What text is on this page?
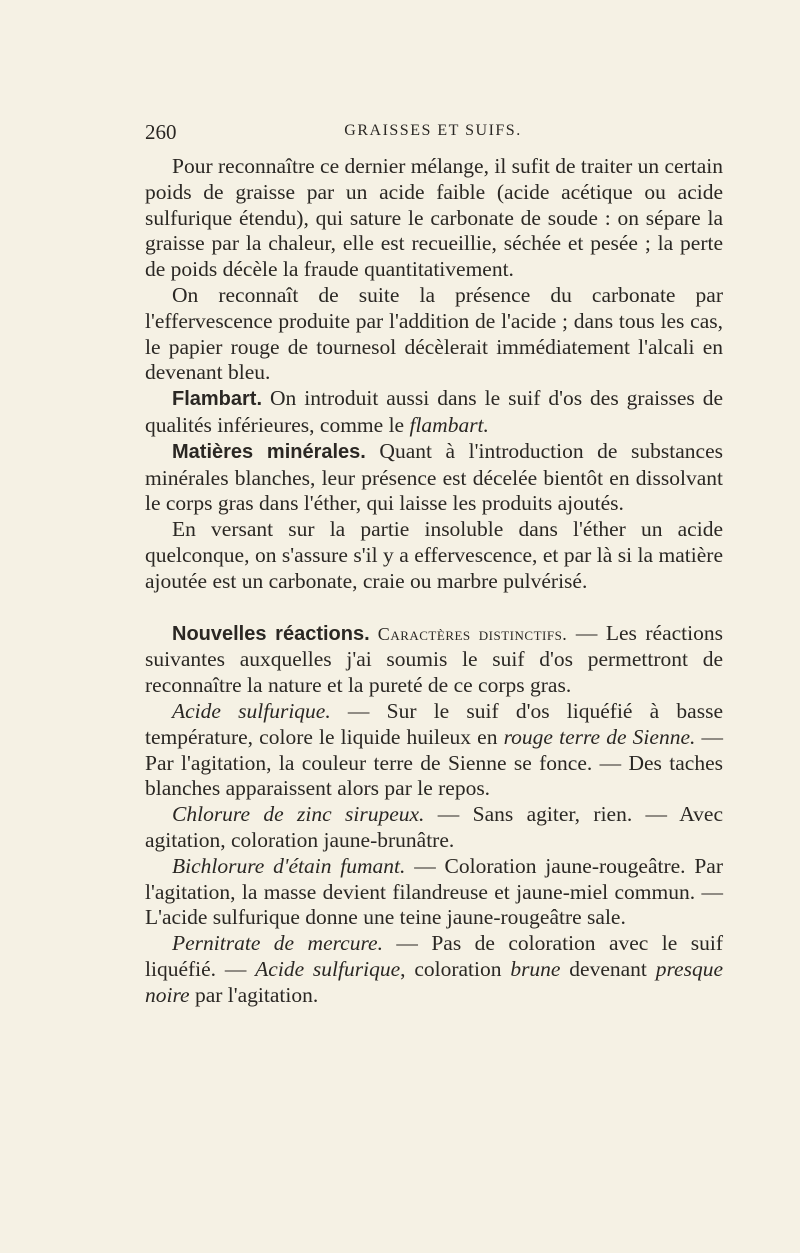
260	GRAISSES ET SUIFS.

Pour reconnaître ce dernier mélange, il sufit de traiter un certain poids de graisse par un acide faible (acide acétique ou acide sulfurique étendu), qui sature le carbonate de soude : on sépare la graisse par la chaleur, elle est recueillie, séchée et pesée ; la perte de poids décèle la fraude quantitativement.

On reconnaît de suite la présence du carbonate par l'effervescence produite par l'addition de l'acide ; dans tous les cas, le papier rouge de tournesol décèlerait immédiatement l'alcali en devenant bleu.

Flambart. On introduit aussi dans le suif d'os des graisses de qualités inférieures, comme le flambart.

Matières minérales. Quant à l'introduction de substances minérales blanches, leur présence est décelée bientôt en dissolvant le corps gras dans l'éther, qui laisse les produits ajoutés.

En versant sur la partie insoluble dans l'éther un acide quelconque, on s'assure s'il y a effervescence, et par là si la matière ajoutée est un carbonate, craie ou marbre pulvérisé.

Nouvelles réactions. Caractères distinctifs. — Les réactions suivantes auxquelles j'ai soumis le suif d'os permettront de reconnaître la nature et la pureté de ce corps gras.

Acide sulfurique. — Sur le suif d'os liquéfié à basse température, colore le liquide huileux en rouge terre de Sienne. — Par l'agitation, la couleur terre de Sienne se fonce. — Des taches blanches apparaissent alors par le repos.

Chlorure de zinc sirupeux. — Sans agiter, rien. — Avec agitation, coloration jaune-brunâtre.

Bichlorure d'étain fumant. — Coloration jaune-rougeâtre. Par l'agitation, la masse devient filandreuse et jaune-miel commun. — L'acide sulfurique donne une teine jaune-rougeâtre sale.

Pernitrate de mercure. — Pas de coloration avec le suif liquéfié. — Acide sulfurique, coloration brune devenant presque noire par l'agitation.
